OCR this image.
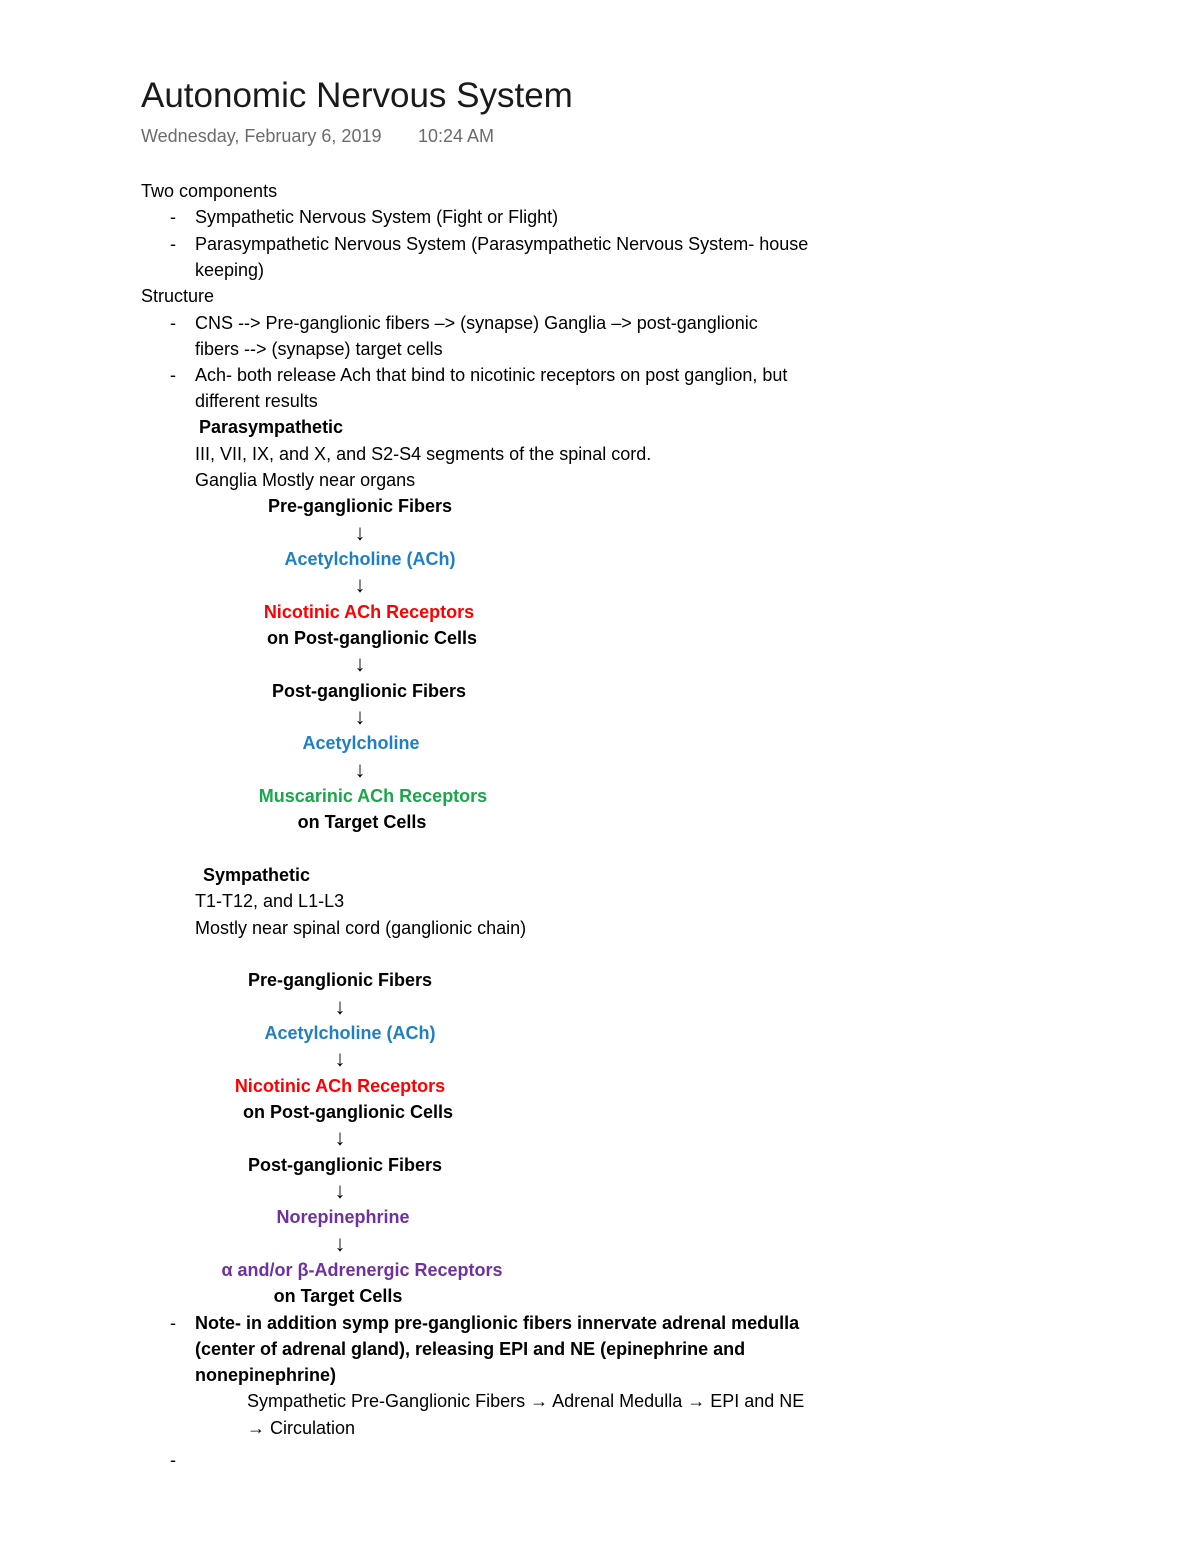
Autonomic Nervous System
Wednesday, February 6, 2019 10:24 AM
Two components
- Sympathetic Nervous System (Fight or Flight)
- Parasympathetic Nervous System (Parasympathetic Nervous System- house
keeping)
Structure
- CNS --> Pre-ganglionic fibers –> (synapse) Ganglia –> post-ganglionic
fibers --> (synapse) target cells
- Ach- both release Ach that bind to nicotinic receptors on post ganglion, but
different results
Parasympathetic
III, VII, IX, and X, and S2-S4 segments of the spinal cord.
Ganglia Mostly near organs
Pre-ganglionic Fibers
↓
Acetylcholine (ACh)
↓
Nicotinic ACh Receptors
on Post-ganglionic Cells
↓
Post-ganglionic Fibers
↓
Acetylcholine
↓
Muscarinic ACh Receptors
on Target Cells
Sympathetic
T1-T12, and L1-L3
Mostly near spinal cord (ganglionic chain)
Pre-ganglionic Fibers
↓
Acetylcholine (ACh)
↓
Nicotinic ACh Receptors
on Post-ganglionic Cells
↓
Post-ganglionic Fibers
↓
Norepinephrine
↓
α and/or β-Adrenergic Receptors
on Target Cells
- Note- in addition symp pre-ganglionic fibers innervate adrenal medulla
(center of adrenal gland), releasing EPI and NE (epinephrine and
nonepinephrine)
Sympathetic Pre-Ganglionic Fibers → Adrenal Medulla → EPI and NE
→ Circulation
-
